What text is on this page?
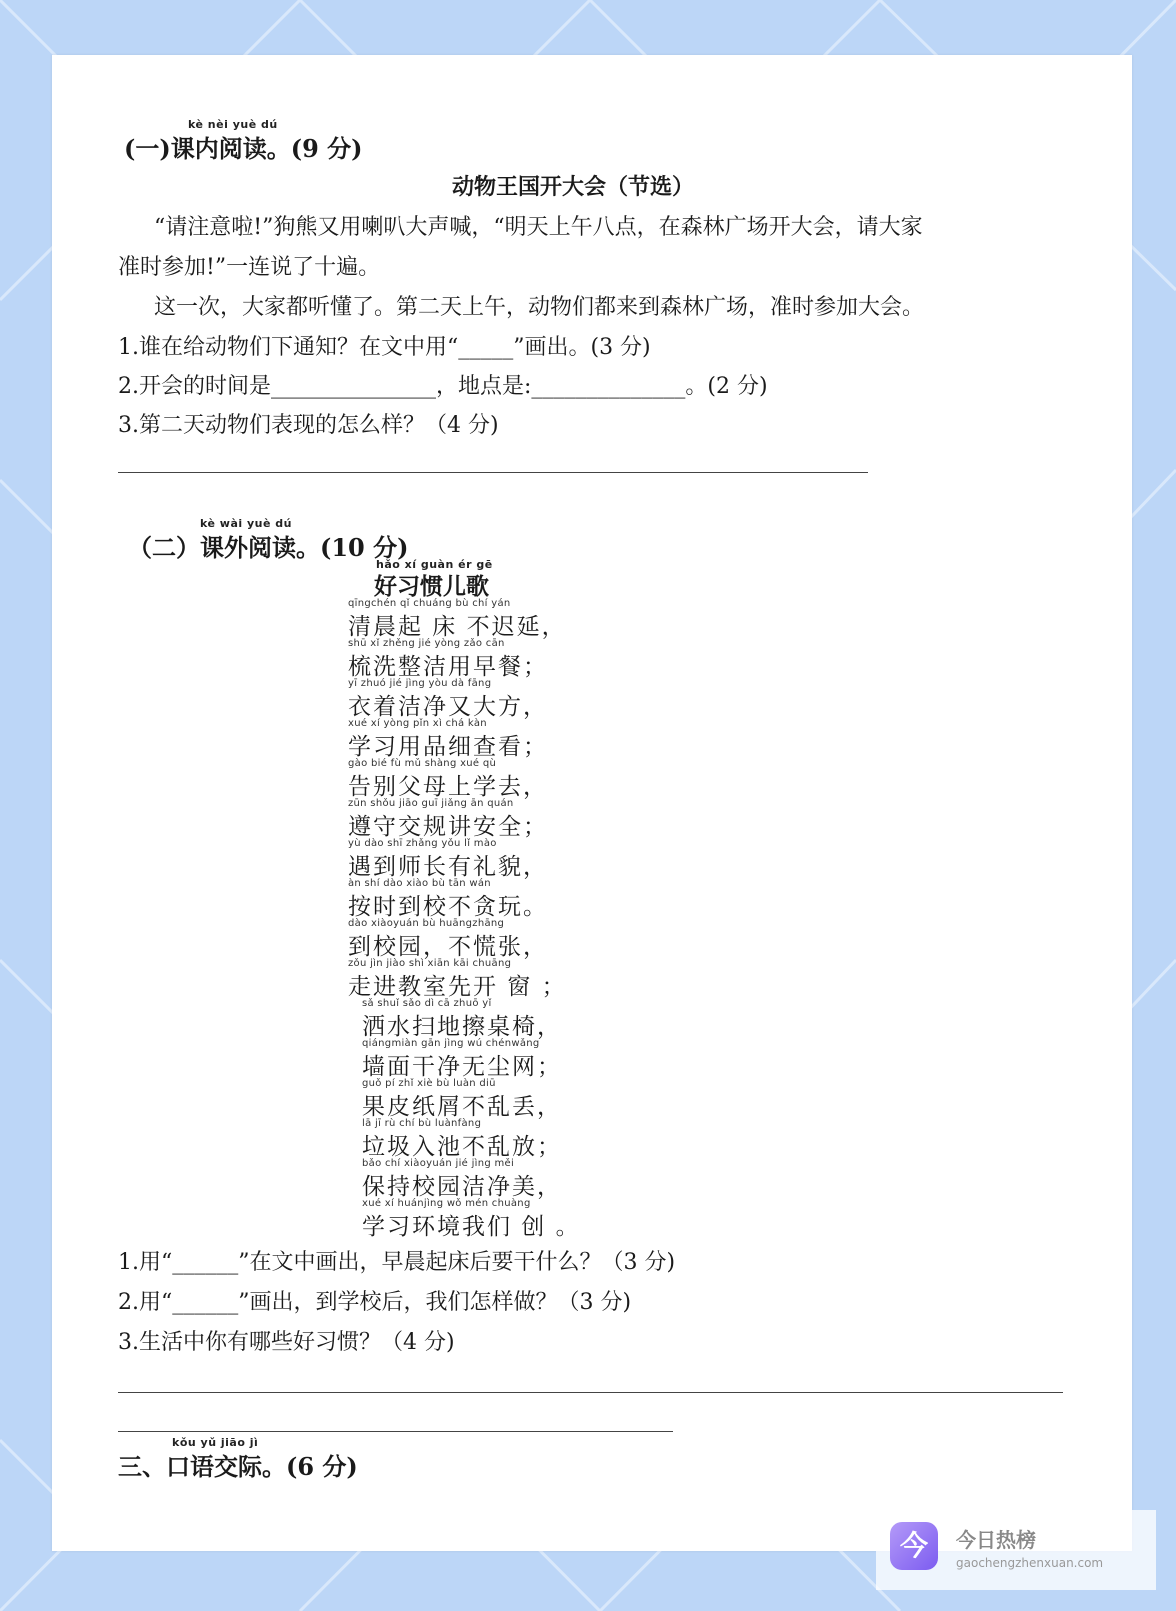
kè nèi yuè dú
(一)课内阅读。(9 分)
动物王国开大会（节选）
“请注意啦!”狗熊又用喇叭大声喊，“明天上午八点，在森林广场开大会，请大家
准时参加!”一连说了十遍。
这一次，大家都听懂了。第二天上午，动物们都来到森林广场，准时参加大会。
1.谁在给动物们下通知？在文中用“_____”画出。(3 分)
2.开会的时间是_______________，地点是:______________。(2 分)
3.第二天动物们表现的怎么样？（4 分)
kè wài yuè dú
（二）课外阅读。(10 分)
hǎo xí guàn ér gē
好习惯儿歌
qīngchén qǐ chuáng bù chí yán
清晨起 床 不迟延，
shū xǐ zhěng jié yòng zǎo cān
梳洗整洁用早餐；
yī zhuó jié jìng yòu dà fāng
衣着洁净又大方，
xué xí yòng pǐn xì chá kàn
学习用品细查看；
gào bié fù mǔ shàng xué qù
告别父母上学去，
zūn shǒu jiāo guī jiǎng ān quán
遵守交规讲安全；
yù dào shī zhǎng yǒu lǐ mào
遇到师长有礼貌，
àn shí dào xiào bù tān wán
按时到校不贪玩。
dào xiàoyuán bù huāngzhāng
到校园，不慌张，
zǒu jìn jiào shì xiān kāi chuāng
走进教室先开 窗 ；
sǎ shuǐ sǎo dì cā zhuō yǐ
洒水扫地擦桌椅，
qiángmiàn gān jìng wú chénwǎng
墙面干净无尘网；
guǒ pí zhǐ xiè bù luàn diū
果皮纸屑不乱丢，
lā jī rù chí bù luànfàng
垃圾入池不乱放；
bǎo chí xiàoyuán jié jìng měi
保持校园洁净美，
xué xí huánjìng wǒ mén chuàng
学习环境我们 创 。
1.用“______”在文中画出，早晨起床后要干什么？（3 分)
2.用“______”画出，到学校后，我们怎样做？（3 分)
3.生活中你有哪些好习惯？（4 分)
kǒu yǔ jiāo jì
三、口语交际。(6 分)
今	今日热榜
gaochengzhenxuan.com
